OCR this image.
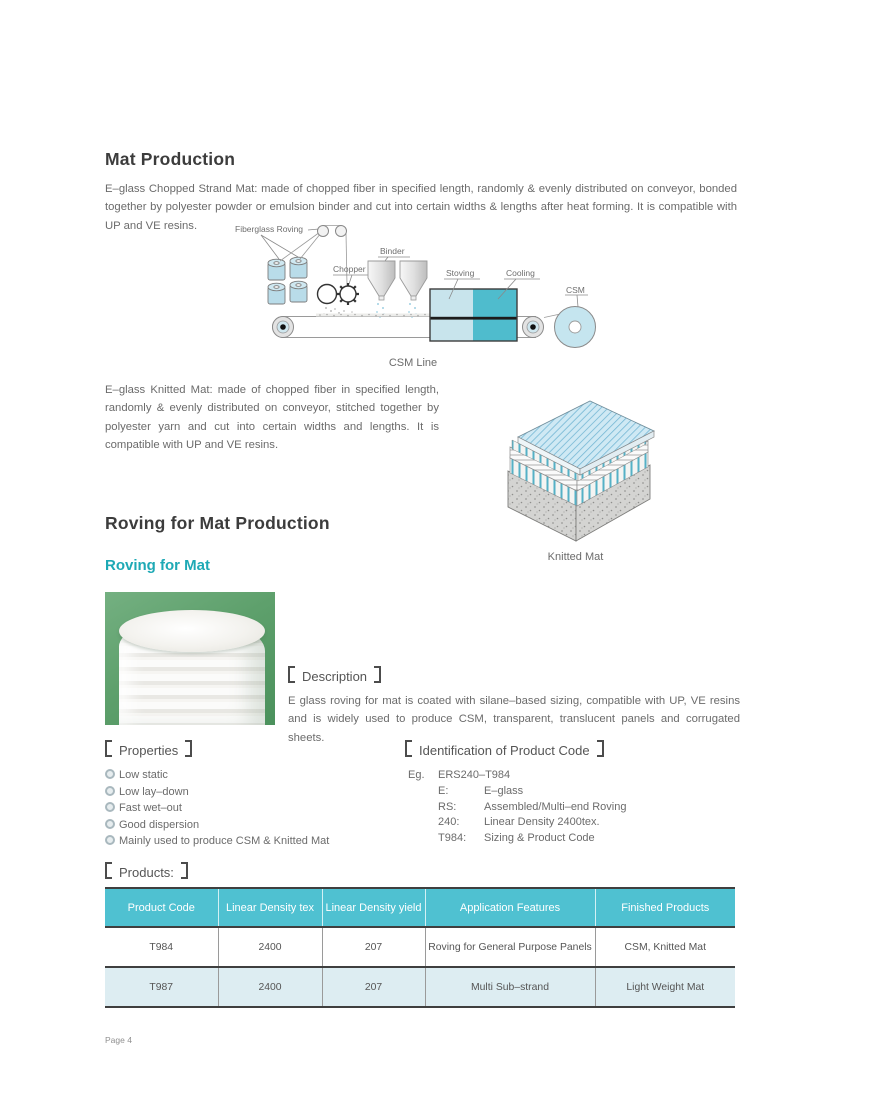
Mat Production
E–glass Chopped Strand Mat: made of chopped fiber in specified length, randomly & evenly distributed on conveyor, bonded together by polyester powder or emulsion binder and cut into certain widths & lengths after heat forming. It is compatible with UP and VE resins.	Fiberglass Roving
Chopper
Binder
Stoving	Cooling
CSM
CSM Line
E–glass Knitted Mat: made of chopped fiber in specified length, randomly & evenly distributed on conveyor, stitched together by polyester yarn and cut into certain widths and lengths. It is compatible with UP and VE resins.
Knitted Mat
Roving for Mat Production
Roving for Mat
Description
E glass roving for mat is coated with silane–based sizing, compatible with UP, VE resins and is widely used to produce CSM, transparent, translucent panels and corrugated sheets.
Properties
Low static
Low lay–down
Fast wet–out
Good dispersion
Mainly used to produce CSM & Knitted Mat
Identification of Product Code
Eg.	ERS240–T984
E:	E–glass
RS:	Assembled/Multi–end Roving
240:	Linear Density 2400tex.
T984:	Sizing & Product Code
Products:
Product Code	Linear Density tex	Linear Density yield	Application Features	Finished Products
T984	2400	207	Roving for General Purpose Panels	CSM, Knitted Mat
T987	2400	207	Multi Sub–strand	Light Weight Mat
Page 4
